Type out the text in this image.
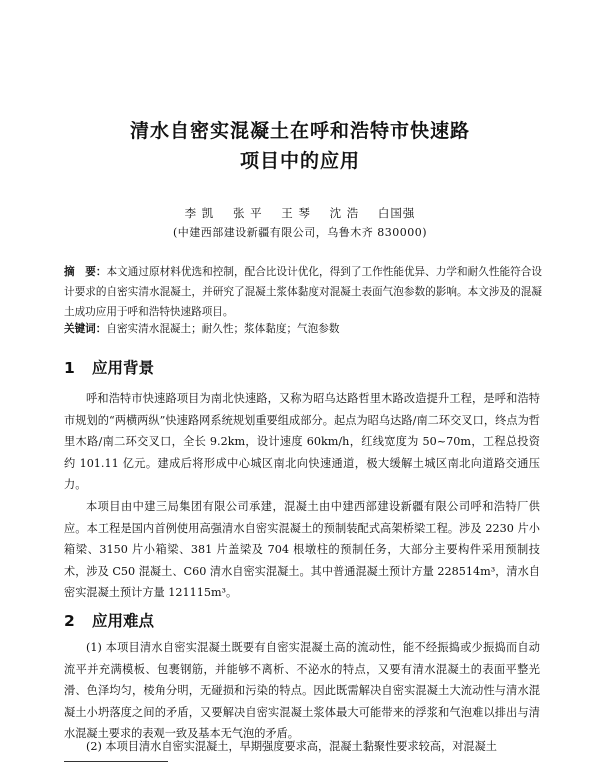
清水自密实混凝土在呼和浩特市快速路
项目中的应用
李 凯 张 平 王 琴 沈 浩 白国强
(中建西部建设新疆有限公司，乌鲁木齐 830000)
摘　要：本文通过原材料优选和控制，配合比设计优化，得到了工作性能优异、力学和耐久性能符合设计要求的自密实清水混凝土，并研究了混凝土浆体黏度对混凝土表面气泡参数的影响。本文涉及的混凝土成功应用于呼和浩特快速路项目。
关键词：自密实清水混凝土；耐久性；浆体黏度；气泡参数
1 应用背景
呼和浩特市快速路项目为南北快速路，又称为昭乌达路哲里木路改造提升工程，是呼和浩特市规划的“两横两纵”快速路网系统规划重要组成部分。起点为昭乌达路/南二环交叉口，终点为哲里木路/南二环交叉口，全长 9.2km，设计速度 60km/h，红线宽度为 50~70m，工程总投资约 101.11 亿元。建成后将形成中心城区南北向快速通道，极大缓解土城区南北向道路交通压力。
本项目由中建三局集团有限公司承建，混凝土由中建西部建设新疆有限公司呼和浩特厂供应。本工程是国内首例使用高强清水自密实混凝土的预制装配式高架桥梁工程。涉及 2230 片小箱梁、3150 片小箱梁、381 片盖梁及 704 根墩柱的预制任务，大部分主要构件采用预制技术，涉及 C50 混凝土、C60 清水自密实混凝土。其中普通混凝土预计方量 228514m³，清水自密实混凝土预计方量 121115m³。
2 应用难点
(1) 本项目清水自密实混凝土既要有自密实混凝土高的流动性，能不经振捣或少振捣而自动流平并充满模板、包裹钢筋，并能够不离析、不泌水的特点，又要有清水混凝土的表面平整光滑、色泽均匀，棱角分明，无碰损和污染的特点。因此既需解决自密实混凝土大流动性与清水混凝土小坍落度之间的矛盾，又要解决自密实混凝土浆体最大可能带来的浮浆和气泡难以排出与清水混凝土要求的表观一致及基本无气泡的矛盾。
(2) 本项目清水自密实混凝土，早期强度要求高，混凝土黏聚性要求较高，对混凝土
